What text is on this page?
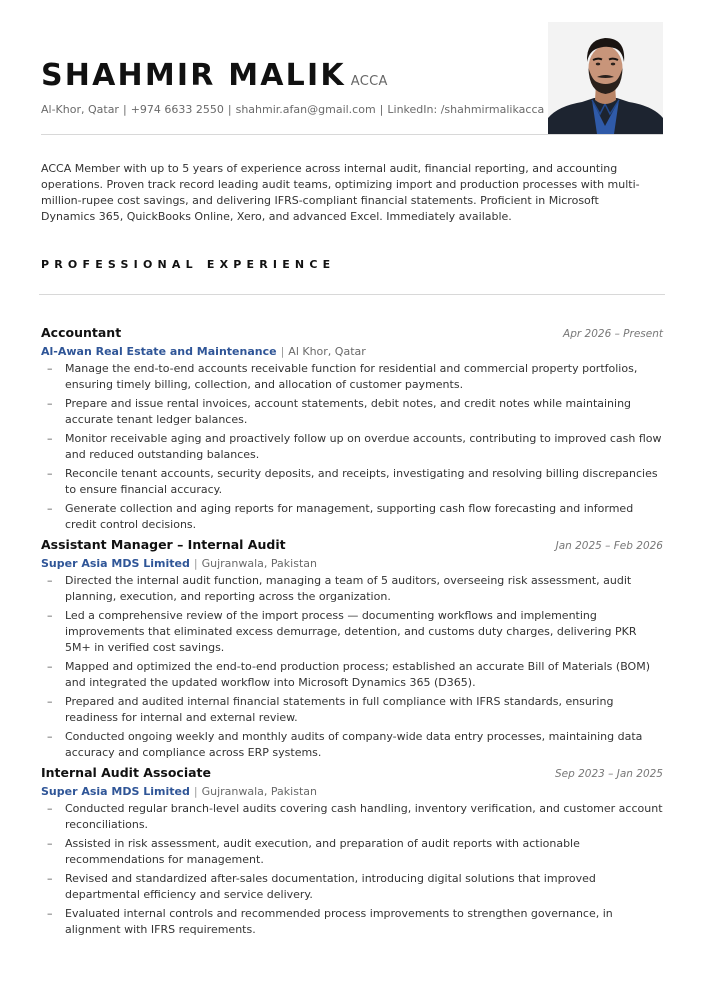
SHAHMIR MALIK ACCA
Al-Khor, Qatar | +974 6633 2550 | shahmir.afan@gmail.com | LinkedIn: /shahmirmalikacca

ACCA Member with up to 5 years of experience across internal audit, financial reporting, and accounting operations. Proven track record leading audit teams, optimizing import and production processes with multi-million-rupee cost savings, and delivering IFRS-compliant financial statements. Proficient in Microsoft Dynamics 365, QuickBooks Online, Xero, and advanced Excel. Immediately available.

PROFESSIONAL EXPERIENCE
Accountant	Apr 2026 – Present
Al-Awan Real Estate and Maintenance | Al Khor, Qatar
– Manage the end-to-end accounts receivable function for residential and commercial property portfolios, ensuring timely billing, collection, and allocation of customer payments.
– Prepare and issue rental invoices, account statements, debit notes, and credit notes while maintaining accurate tenant ledger balances.
– Monitor receivable aging and proactively follow up on overdue accounts, contributing to improved cash flow and reduced outstanding balances.
– Reconcile tenant accounts, security deposits, and receipts, investigating and resolving billing discrepancies to ensure financial accuracy.
– Generate collection and aging reports for management, supporting cash flow forecasting and informed credit control decisions.
Assistant Manager – Internal Audit	Jan 2025 – Feb 2026
Super Asia MDS Limited | Gujranwala, Pakistan
– Directed the internal audit function, managing a team of 5 auditors, overseeing risk assessment, audit planning, execution, and reporting across the organization.
– Led a comprehensive review of the import process — documenting workflows and implementing improvements that eliminated excess demurrage, detention, and customs duty charges, delivering PKR 5M+ in verified cost savings.
– Mapped and optimized the end-to-end production process; established an accurate Bill of Materials (BOM) and integrated the updated workflow into Microsoft Dynamics 365 (D365).
– Prepared and audited internal financial statements in full compliance with IFRS standards, ensuring readiness for internal and external review.
– Conducted ongoing weekly and monthly audits of company-wide data entry processes, maintaining data accuracy and compliance across ERP systems.
Internal Audit Associate	Sep 2023 – Jan 2025
Super Asia MDS Limited | Gujranwala, Pakistan
– Conducted regular branch-level audits covering cash handling, inventory verification, and customer account reconciliations.
– Assisted in risk assessment, audit execution, and preparation of audit reports with actionable recommendations for management.
– Revised and standardized after-sales documentation, introducing digital solutions that improved departmental efficiency and service delivery.
– Evaluated internal controls and recommended process improvements to strengthen governance, in alignment with IFRS requirements.
